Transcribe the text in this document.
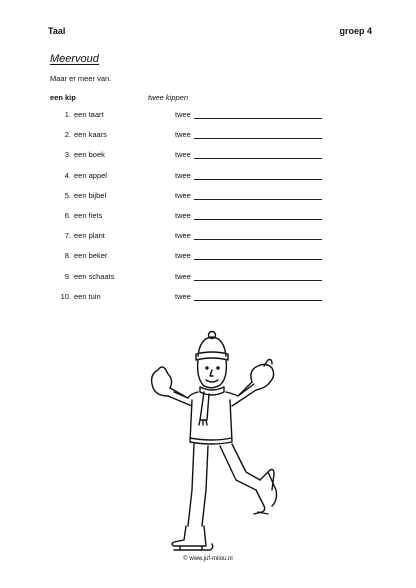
Taal	groep 4
Meervoud
Maar er meer van.
een kip	twee kippen
1. een taart	twee
2. een kaars	twee
3. een boek	twee
4. een appel	twee
5. een bijbel	twee
6. een fiets	twee
7. een plant	twee
8. een beker	twee
9. een schaats	twee
10. een tuin	twee
© www.juf-milou.nl
